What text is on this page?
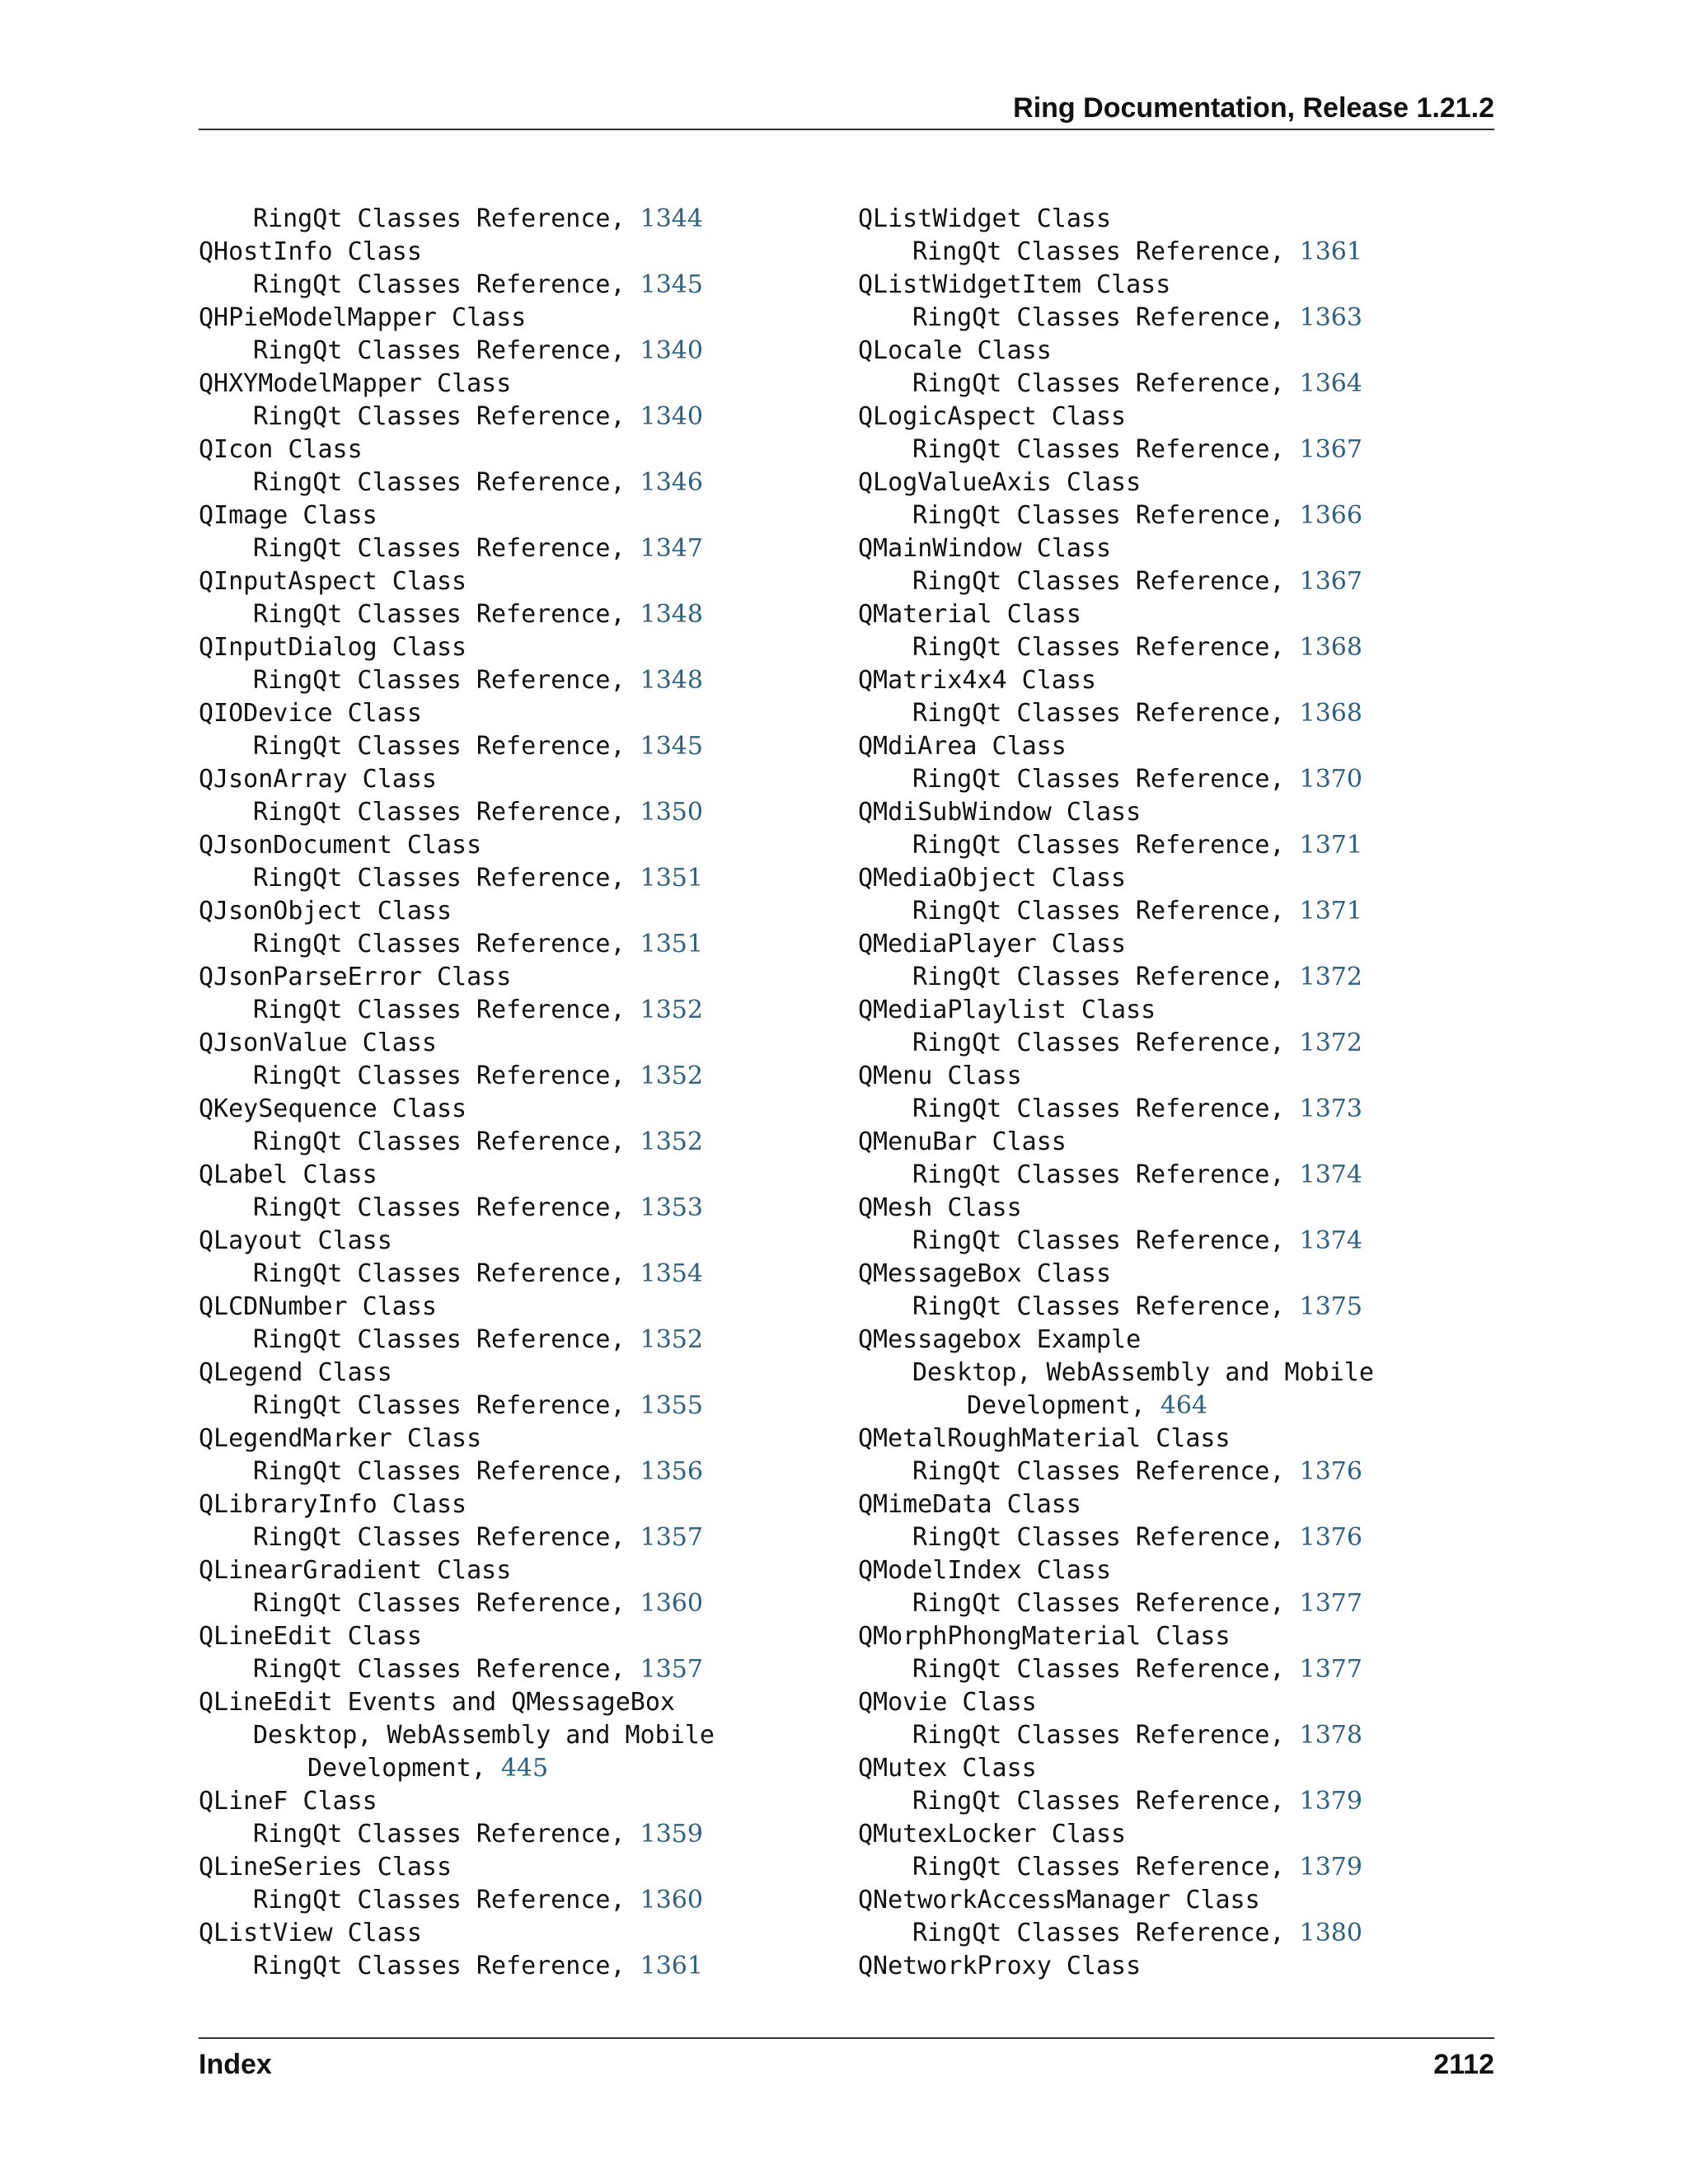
Ring Documentation, Release 1.21.2
RingQt Classes Reference, 1344
QHostInfo Class
RingQt Classes Reference, 1345
QHPieModelMapper Class
RingQt Classes Reference, 1340
QHXYModelMapper Class
RingQt Classes Reference, 1340
QIcon Class
RingQt Classes Reference, 1346
QImage Class
RingQt Classes Reference, 1347
QInputAspect Class
RingQt Classes Reference, 1348
QInputDialog Class
RingQt Classes Reference, 1348
QIODevice Class
RingQt Classes Reference, 1345
QJsonArray Class
RingQt Classes Reference, 1350
QJsonDocument Class
RingQt Classes Reference, 1351
QJsonObject Class
RingQt Classes Reference, 1351
QJsonParseError Class
RingQt Classes Reference, 1352
QJsonValue Class
RingQt Classes Reference, 1352
QKeySequence Class
RingQt Classes Reference, 1352
QLabel Class
RingQt Classes Reference, 1353
QLayout Class
RingQt Classes Reference, 1354
QLCDNumber Class
RingQt Classes Reference, 1352
QLegend Class
RingQt Classes Reference, 1355
QLegendMarker Class
RingQt Classes Reference, 1356
QLibraryInfo Class
RingQt Classes Reference, 1357
QLinearGradient Class
RingQt Classes Reference, 1360
QLineEdit Class
RingQt Classes Reference, 1357
QLineEdit Events and QMessageBox
Desktop, WebAssembly and Mobile
Development, 445
QLineF Class
RingQt Classes Reference, 1359
QLineSeries Class
RingQt Classes Reference, 1360
QListView Class
RingQt Classes Reference, 1361
QListWidget Class
RingQt Classes Reference, 1361
QListWidgetItem Class
RingQt Classes Reference, 1363
QLocale Class
RingQt Classes Reference, 1364
QLogicAspect Class
RingQt Classes Reference, 1367
QLogValueAxis Class
RingQt Classes Reference, 1366
QMainWindow Class
RingQt Classes Reference, 1367
QMaterial Class
RingQt Classes Reference, 1368
QMatrix4x4 Class
RingQt Classes Reference, 1368
QMdiArea Class
RingQt Classes Reference, 1370
QMdiSubWindow Class
RingQt Classes Reference, 1371
QMediaObject Class
RingQt Classes Reference, 1371
QMediaPlayer Class
RingQt Classes Reference, 1372
QMediaPlaylist Class
RingQt Classes Reference, 1372
QMenu Class
RingQt Classes Reference, 1373
QMenuBar Class
RingQt Classes Reference, 1374
QMesh Class
RingQt Classes Reference, 1374
QMessageBox Class
RingQt Classes Reference, 1375
QMessagebox Example
Desktop, WebAssembly and Mobile
Development, 464
QMetalRoughMaterial Class
RingQt Classes Reference, 1376
QMimeData Class
RingQt Classes Reference, 1376
QModelIndex Class
RingQt Classes Reference, 1377
QMorphPhongMaterial Class
RingQt Classes Reference, 1377
QMovie Class
RingQt Classes Reference, 1378
QMutex Class
RingQt Classes Reference, 1379
QMutexLocker Class
RingQt Classes Reference, 1379
QNetworkAccessManager Class
RingQt Classes Reference, 1380
QNetworkProxy Class
Index	2112
